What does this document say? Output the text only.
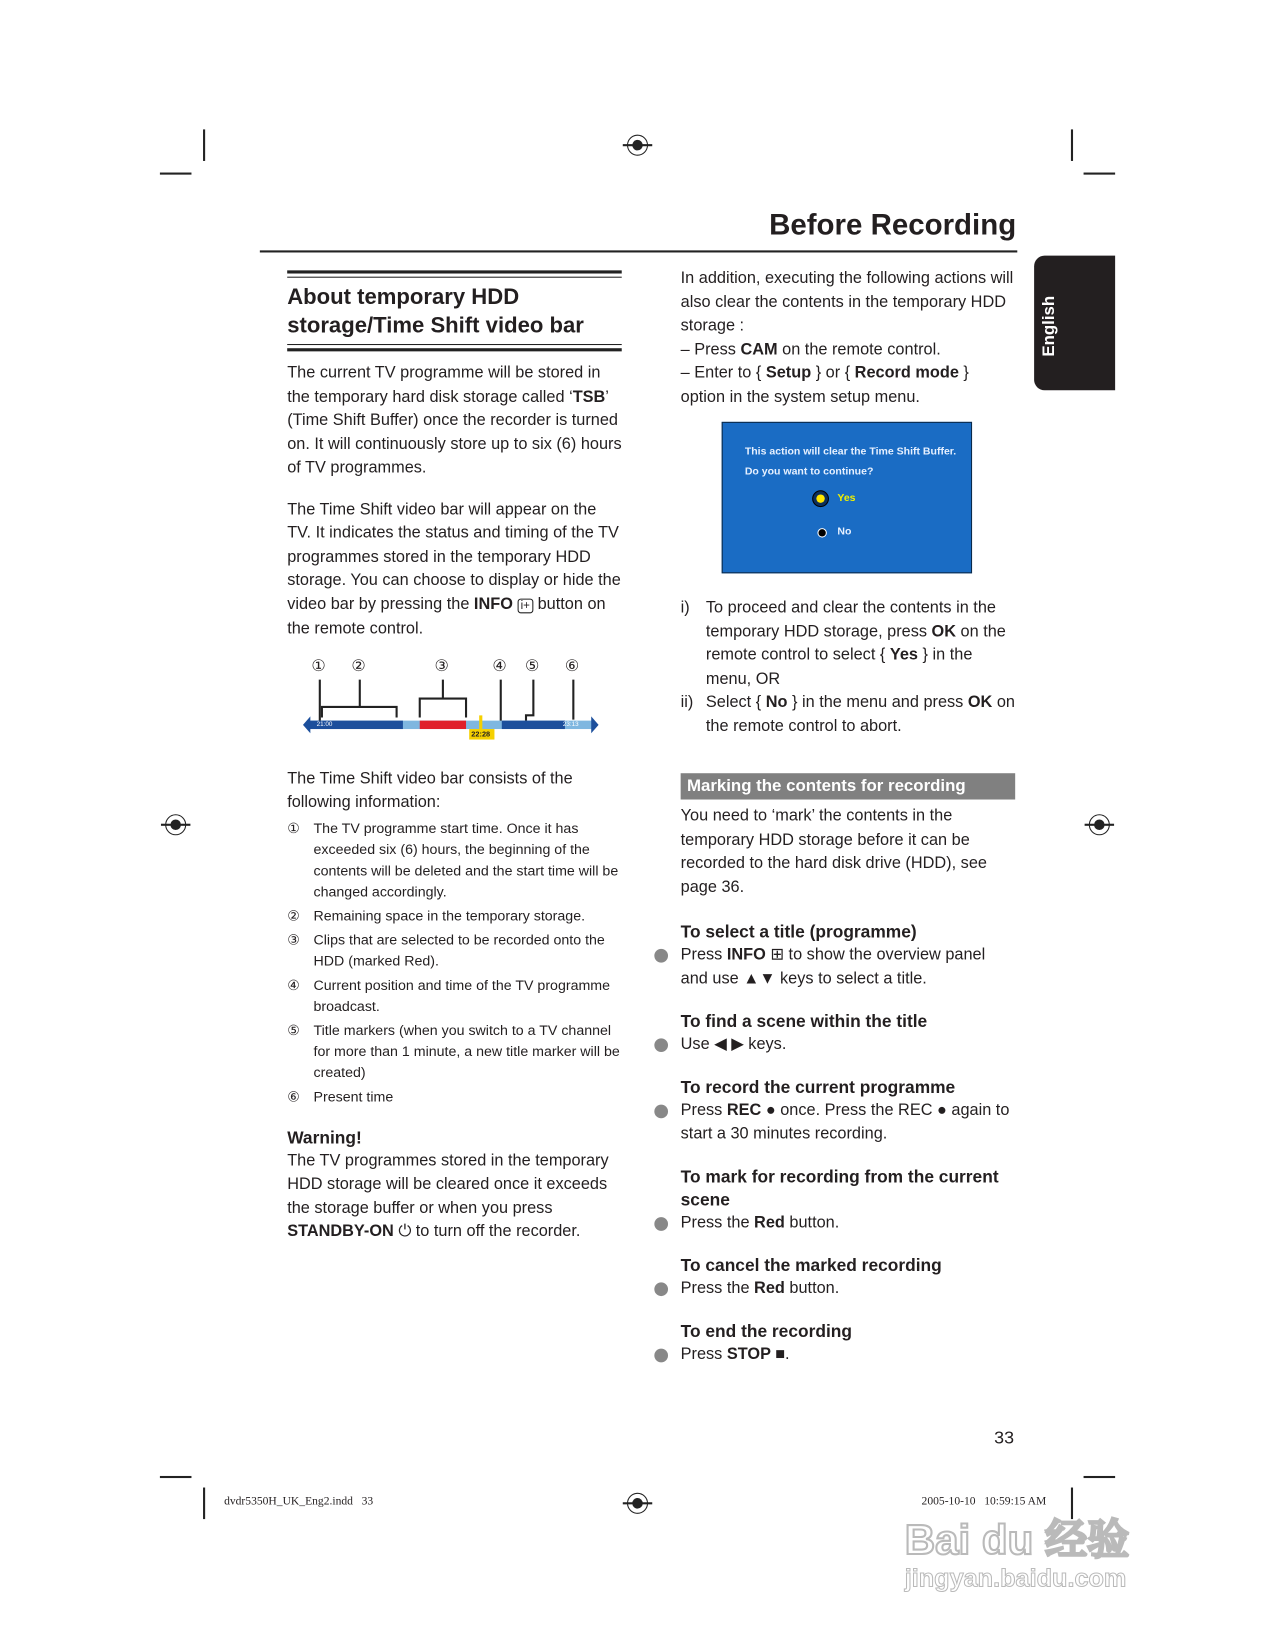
Before Recording
English
About temporary HDD storage/Time Shift video bar
The current TV programme will be stored in the temporary hard disk storage called ‘TSB’ (Time Shift Buffer) once the recorder is turned on. It will continuously store up to six (6) hours of TV programmes.
The Time Shift video bar will appear on the TV. It indicates the status and timing of the TV programmes stored in the temporary HDD storage. You can choose to display or hide the video bar by pressing the INFO i+ button on the remote control.
① ②	③	④ ⑤ ⑥
21:00
22:28
23:13
The Time Shift video bar consists of the following information:
① The TV programme start time. Once it has exceeded six (6) hours, the beginning of the contents will be deleted and the start time will be changed accordingly.
② Remaining space in the temporary storage.
③ Clips that are selected to be recorded onto the HDD (marked Red).
④ Current position and time of the TV programme broadcast.
⑤ Title markers (when you switch to a TV channel for more than 1 minute, a new title marker will be created)
⑥ Present time
Warning!
The TV programmes stored in the temporary HDD storage will be cleared once it exceeds the storage buffer or when you press STANDBY-ON ⏻ to turn off the recorder.
In addition, executing the following actions will also clear the contents in the temporary HDD storage :
– Press CAM on the remote control.
– Enter to { Setup } or { Record mode } option in the system setup menu.
This action will clear the Time Shift Buffer.
Do you want to continue?
Yes
No
i) To proceed and clear the contents in the temporary HDD storage, press OK on the remote control to select { Yes } in the menu, OR
ii) Select { No } in the menu and press OK on the remote control to abort.
Marking the contents for recording
You need to ‘mark’ the contents in the temporary HDD storage before it can be recorded to the hard disk drive (HDD), see page 36.
To select a title (programme)
Press INFO ⊞ to show the overview panel and use ▲▼ keys to select a title.
To find a scene within the title
Use ◀ ▶ keys.
To record the current programme
Press REC ● once. Press the REC ● again to start a 30 minutes recording.
To mark for recording from the current scene
Press the Red button.
To cancel the marked recording
Press the Red button.
To end the recording
Press STOP ■.
33
dvdr5350H_UK_Eng2.indd   33	2005-10-10   10:59:15 AM
Bai du 经验
jingyan.baidu.com
